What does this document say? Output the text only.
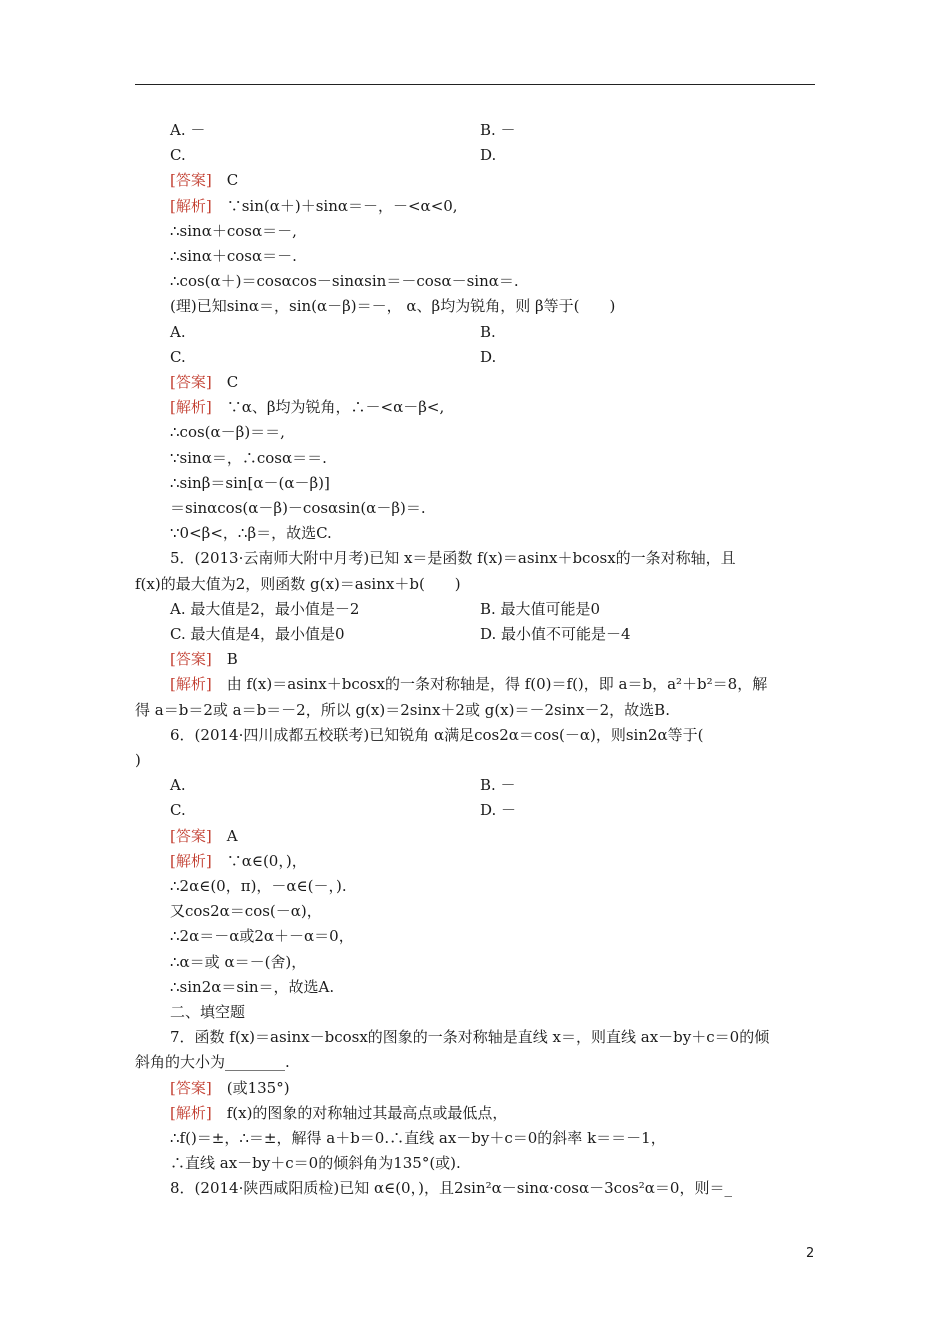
A. －	B. －
C.	D.
[答案]　C
[解析]　∵sin(α＋)＋sinα＝－，－<α<0,
∴sinα＋cosα＝－,
∴sinα＋cosα＝－.
∴cos(α＋)＝cosαcos－sinαsin＝－cosα－sinα＝.
(理)已知sinα＝，sin(α－β)＝－， α、β均为锐角，则 β等于(　　)
A.	B.
C.	D.
[答案]　C
[解析]　∵α、β均为锐角，∴－<α－β<,
∴cos(α－β)＝＝,
∵sinα＝，∴cosα＝＝.
∴sinβ＝sin[α－(α－β)]
＝sinαcos(α－β)－cosαsin(α－β)＝.
∵0<β<，∴β＝，故选C.
5．(2013·云南师大附中月考)已知 x＝是函数 f(x)＝asinx＋bcosx的一条对称轴，且
f(x)的最大值为2，则函数 g(x)＝asinx＋b(　　)
A. 最大值是2，最小值是－2	B. 最大值可能是0
C. 最大值是4，最小值是0	D. 最小值不可能是－4
[答案]　B
[解析]　由 f(x)＝asinx＋bcosx的一条对称轴是，得 f(0)＝f()，即 a＝b，a²＋b²＝8，解
得 a＝b＝2或 a＝b＝－2，所以 g(x)＝2sinx＋2或 g(x)＝－2sinx－2，故选B.
6．(2014·四川成都五校联考)已知锐角 α满足cos2α＝cos(－α)，则sin2α等于(
)
A.	B. －
C.	D. －
[答案]　A
[解析]　∵α∈(0，)，
∴2α∈(0，π)，－α∈(－，).
又cos2α＝cos(－α)，
∴2α＝－α或2α＋－α＝0，
∴α＝或 α＝－(舍)，
∴sin2α＝sin＝，故选A.
二、填空题
7．函数 f(x)＝asinx－bcosx的图象的一条对称轴是直线 x＝，则直线 ax－by＋c＝0的倾
斜角的大小为________.
[答案]　(或135°)
[解析]　f(x)的图象的对称轴过其最高点或最低点，
∴f()＝±，∴＝±，解得 a＋b＝0.∴直线 ax－by＋c＝0的斜率 k＝＝－1，
∴直线 ax－by＋c＝0的倾斜角为135°(或).
8．(2014·陕西咸阳质检)已知 α∈(0，)，且2sin²α－sinα·cosα－3cos²α＝0，则＝_
2
